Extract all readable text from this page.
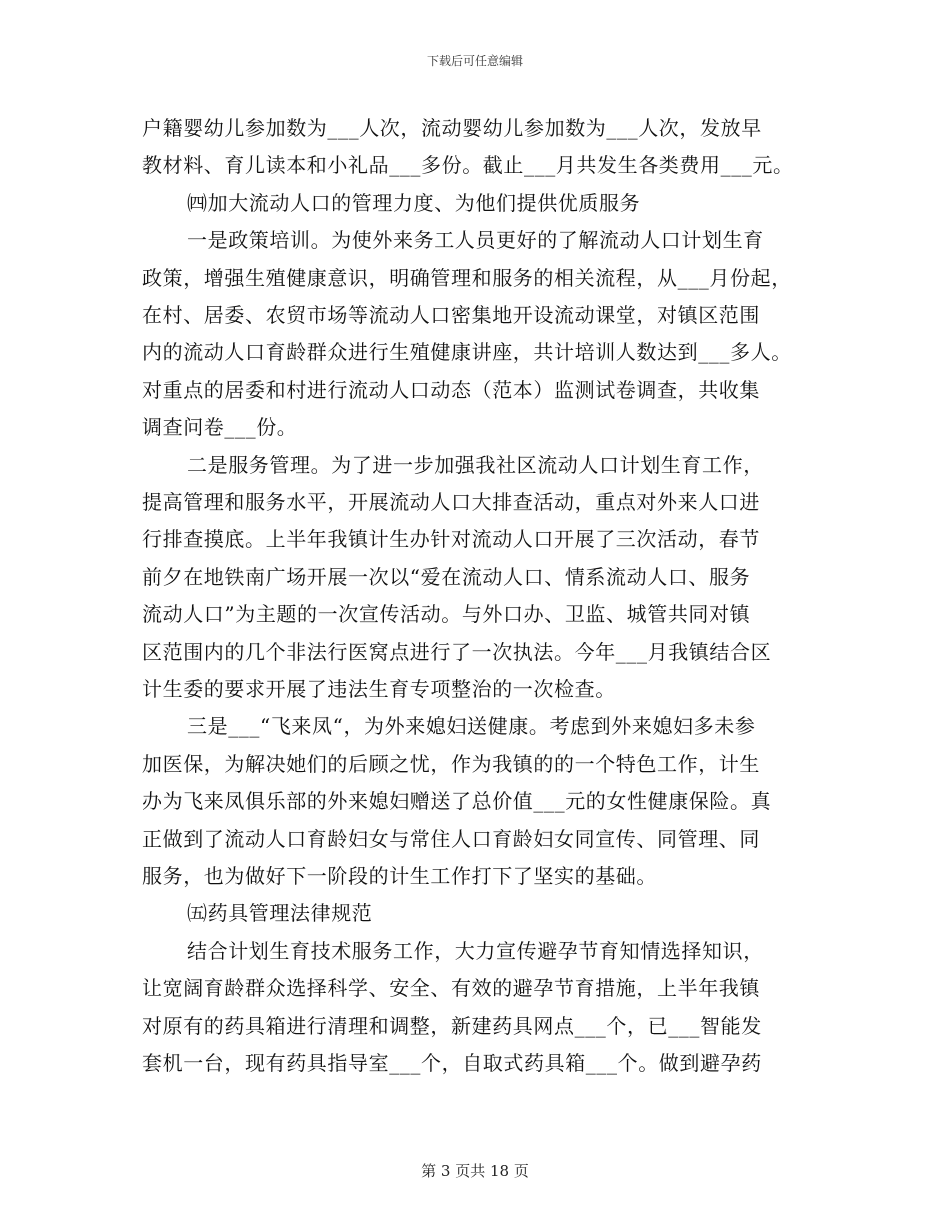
下载后可任意编辑
户籍婴幼儿参加数为___人次，流动婴幼儿参加数为___人次，发放早
教材料、育儿读本和小礼品___多份。截止___月共发生各类费用___元。
㈣加大流动人口的管理力度、为他们提供优质服务
一是政策培训。为使外来务工人员更好的了解流动人口计划生育
政策，增强生殖健康意识，明确管理和服务的相关流程，从___月份起，
在村、居委、农贸市场等流动人口密集地开设流动课堂，对镇区范围
内的流动人口育龄群众进行生殖健康讲座，共计培训人数达到___多人。
对重点的居委和村进行流动人口动态（范本）监测试卷调查，共收集
调查问卷___份。
二是服务管理。为了进一步加强我社区流动人口计划生育工作，
提高管理和服务水平，开展流动人口大排查活动，重点对外来人口进
行排查摸底。上半年我镇计生办针对流动人口开展了三次活动，春节
前夕在地铁南广场开展一次以“爱在流动人口、情系流动人口、服务
流动人口”为主题的一次宣传活动。与外口办、卫监、城管共同对镇
区范围内的几个非法行医窝点进行了一次执法。今年___月我镇结合区
计生委的要求开展了违法生育专项整治的一次检查。
三是___“飞来凤“，为外来媳妇送健康。考虑到外来媳妇多未参
加医保，为解决她们的后顾之忧，作为我镇的的一个特色工作，计生
办为飞来凤俱乐部的外来媳妇赠送了总价值___元的女性健康保险。真
正做到了流动人口育龄妇女与常住人口育龄妇女同宣传、同管理、同
服务，也为做好下一阶段的计生工作打下了坚实的基础。
㈤药具管理法律规范
结合计划生育技术服务工作，大力宣传避孕节育知情选择知识，
让宽阔育龄群众选择科学、安全、有效的避孕节育措施，上半年我镇
对原有的药具箱进行清理和调整，新建药具网点___个，已___智能发
套机一台，现有药具指导室___个，自取式药具箱___个。做到避孕药
第 3 页共 18 页
